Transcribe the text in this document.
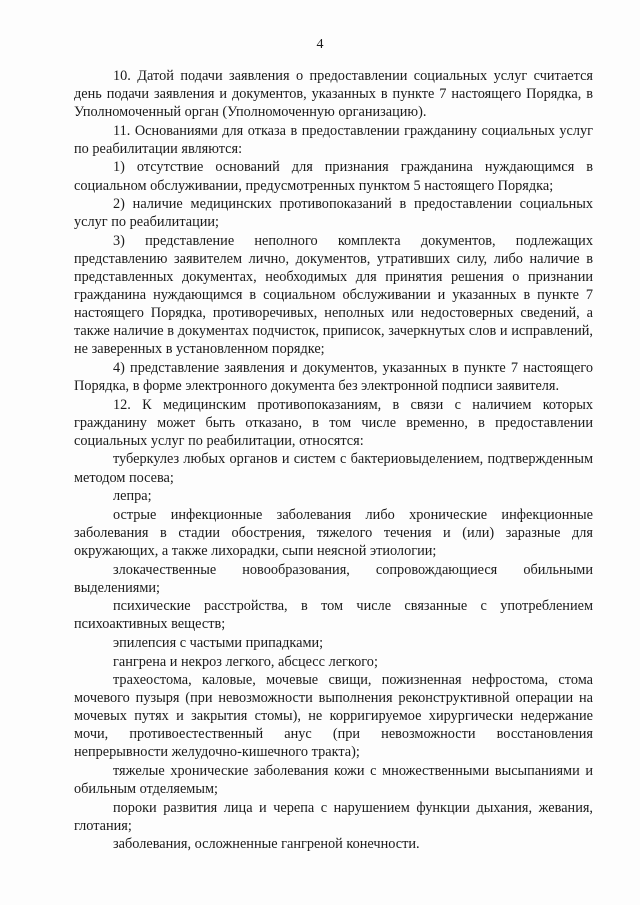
4

10. Датой подачи заявления о предоставлении социальных услуг считается день подачи заявления и документов, указанных в пункте 7 настоящего Порядка, в Уполномоченный орган (Уполномоченную организацию).

11. Основаниями для отказа в предоставлении гражданину социальных услуг по реабилитации являются:

1) отсутствие оснований для признания гражданина нуждающимся в социальном обслуживании, предусмотренных пунктом 5 настоящего Порядка;

2) наличие медицинских противопоказаний в предоставлении социальных услуг по реабилитации;

3) представление неполного комплекта документов, подлежащих представлению заявителем лично, документов, утративших силу, либо наличие в представленных документах, необходимых для принятия решения о признании гражданина нуждающимся в социальном обслуживании и указанных в пункте 7 настоящего Порядка, противоречивых, неполных или недостоверных сведений, а также наличие в документах подчисток, приписок, зачеркнутых слов и исправлений, не заверенных в установленном порядке;

4) представление заявления и документов, указанных в пункте 7 настоящего Порядка, в форме электронного документа без электронной подписи заявителя.

12. К медицинским противопоказаниям, в связи с наличием которых гражданину может быть отказано, в том числе временно, в предоставлении социальных услуг по реабилитации, относятся:

туберкулез любых органов и систем с бактериовыделением, подтвержденным методом посева;

лепра;

острые инфекционные заболевания либо хронические инфекционные заболевания в стадии обострения, тяжелого течения и (или) заразные для окружающих, а также лихорадки, сыпи неясной этиологии;

злокачественные новообразования, сопровождающиеся обильными выделениями;

психические расстройства, в том числе связанные с употреблением психоактивных веществ;

эпилепсия с частыми припадками;

гангрена и некроз легкого, абсцесс легкого;

трахеостома, каловые, мочевые свищи, пожизненная нефростома, стома мочевого пузыря (при невозможности выполнения реконструктивной операции на мочевых путях и закрытия стомы), не корригируемое хирургически недержание мочи, противоестественный анус (при невозможности восстановления непрерывности желудочно-кишечного тракта);

тяжелые хронические заболевания кожи с множественными высыпаниями и обильным отделяемым;

пороки развития лица и черепа с нарушением функции дыхания, жевания, глотания;

заболевания, осложненные гангреной конечности.
